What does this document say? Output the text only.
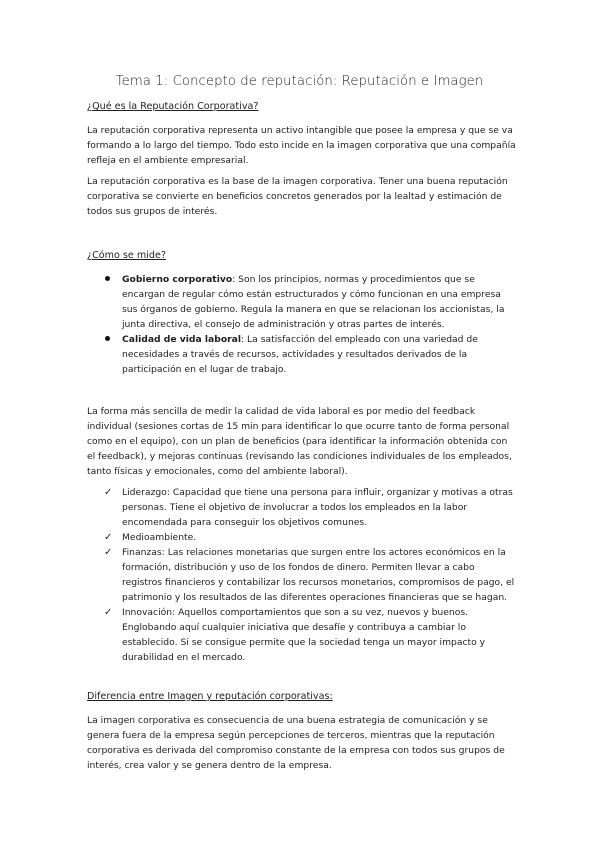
Tema 1: Concepto de reputación: Reputación e Imagen
¿Qué es la Reputación Corporativa?

La reputación corporativa representa un activo intangible que posee la empresa y que se va formando a lo largo del tiempo. Todo esto incide en la imagen corporativa que una compañía refleja en el ambiente empresarial.

La reputación corporativa es la base de la imagen corporativa. Tener una buena reputación corporativa se convierte en beneficios concretos generados por la lealtad y estimación de todos sus grupos de interés.

¿Cómo se mide?
Gobierno corporativo: Son los principios, normas y procedimientos que se encargan de regular cómo están estructurados y cómo funcionan en una empresa sus órganos de gobierno. Regula la manera en que se relacionan los accionistas, la junta directiva, el consejo de administración y otras partes de interés.
Calidad de vida laboral: La satisfacción del empleado con una variedad de necesidades a través de recursos, actividades y resultados derivados de la participación en el lugar de trabajo.

La forma más sencilla de medir la calidad de vida laboral es por medio del feedback individual (sesiones cortas de 15 min para identificar lo que ocurre tanto de forma personal como en el equipo), con un plan de beneficios (para identificar la información obtenida con el feedback), y mejoras continuas (revisando las condiciones individuales de los empleados, tanto físicas y emocionales, como del ambiente laboral).

✓ Liderazgo: Capacidad que tiene una persona para influir, organizar y motivas a otras personas. Tiene el objetivo de involucrar a todos los empleados en la labor encomendada para conseguir los objetivos comunes.
✓ Medioambiente.
✓ Finanzas: Las relaciones monetarias que surgen entre los actores económicos en la formación, distribución y uso de los fondos de dinero. Permiten llevar a cabo registros financieros y contabilizar los recursos monetarios, compromisos de pago, el patrimonio y los resultados de las diferentes operaciones financieras que se hagan.
✓ Innovación: Aquellos comportamientos que son a su vez, nuevos y buenos. Englobando aquí cualquier iniciativa que desafíe y contribuya a cambiar lo establecido. Si se consigue permite que la sociedad tenga un mayor impacto y durabilidad en el mercado.
Diferencia entre Imagen y reputación corporativas:

La imagen corporativa es consecuencia de una buena estrategia de comunicación y se genera fuera de la empresa según percepciones de terceros, mientras que la reputación corporativa es derivada del compromiso constante de la empresa con todos sus grupos de interés, crea valor y se genera dentro de la empresa.
